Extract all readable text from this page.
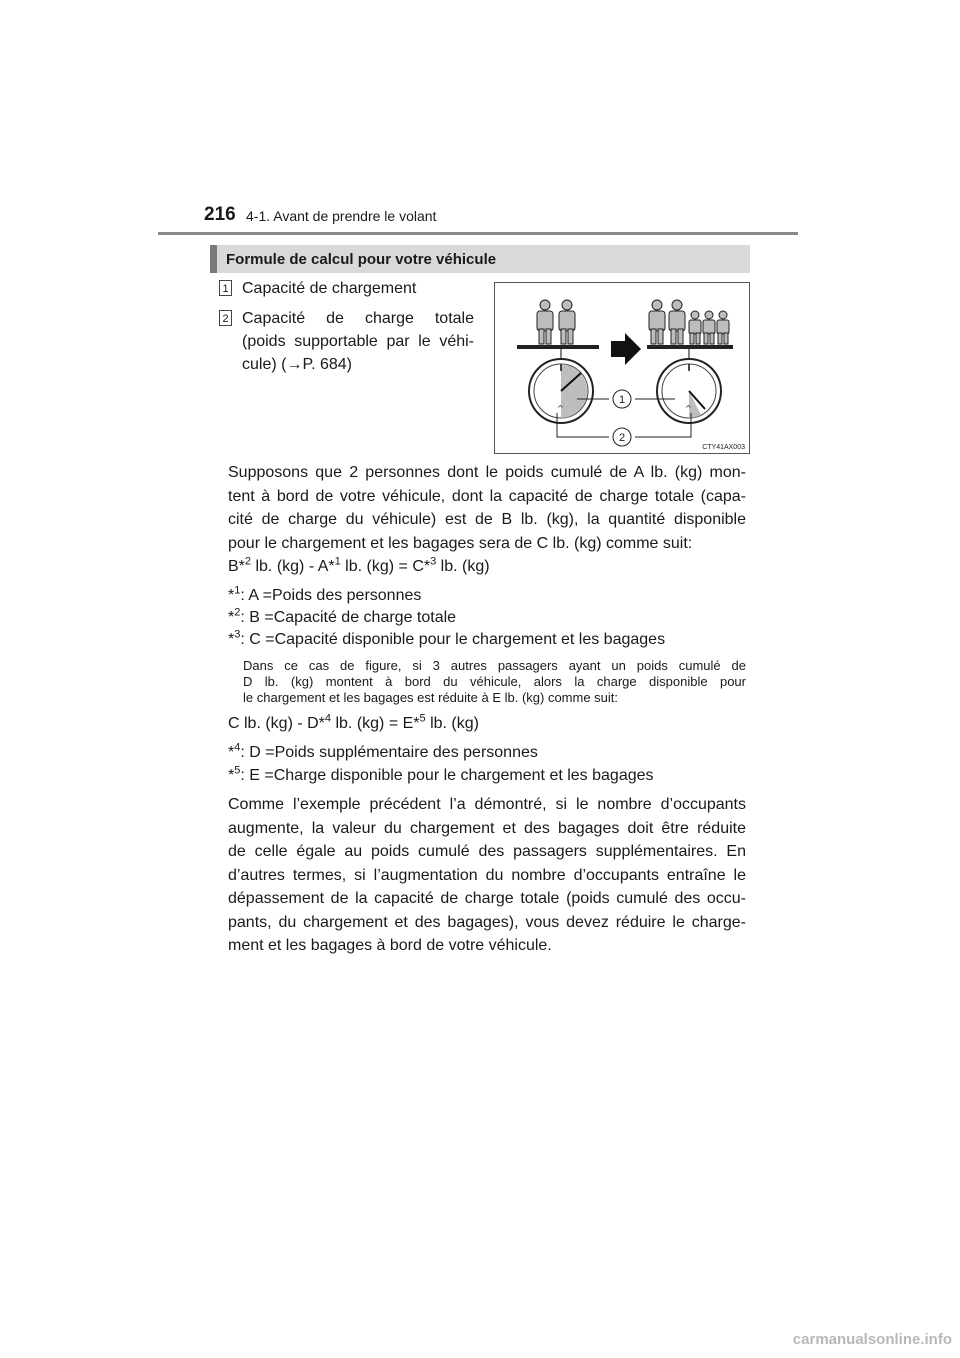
216 4-1. Avant de prendre le volant
Formule de calcul pour votre véhicule
1 Capacité de chargement
2 Capacité de charge totale
(poids supportable par le véhi-
cule) (→P. 684)
^	^
1
2
CTY41AX003
Supposons que 2 personnes dont le poids cumulé de A lb. (kg) mon-
tent à bord de votre véhicule, dont la capacité de charge totale (capa-
cité de charge du véhicule) est de B lb. (kg), la quantité disponible
pour le chargement et les bagages sera de C lb. (kg) comme suit:
B*$^2$ lb. (kg) - A*$^1$ lb. (kg) = C*$^3$ lb. (kg)
*$^1$: A =Poids des personnes
*$^2$: B =Capacité de charge totale
*$^3$: C =Capacité disponible pour le chargement et les bagages
Dans ce cas de figure, si 3 autres passagers ayant un poids cumulé de
D lb. (kg) montent à bord du véhicule, alors la charge disponible pour
le chargement et les bagages est réduite à E lb. (kg) comme suit:
C lb. (kg) - D*$^4$ lb. (kg) = E*$^5$ lb. (kg)
*$^4$: D =Poids supplémentaire des personnes
*$^5$: E =Charge disponible pour le chargement et les bagages
Comme l’exemple précédent l’a démontré, si le nombre d’occupants
augmente, la valeur du chargement et des bagages doit être réduite
de celle égale au poids cumulé des passagers supplémentaires. En
d’autres termes, si l’augmentation du nombre d’occupants entraîne le
dépassement de la capacité de charge totale (poids cumulé des occu-
pants, du chargement et des bagages), vous devez réduire le charge-
ment et les bagages à bord de votre véhicule.
carmanualsonline.info
